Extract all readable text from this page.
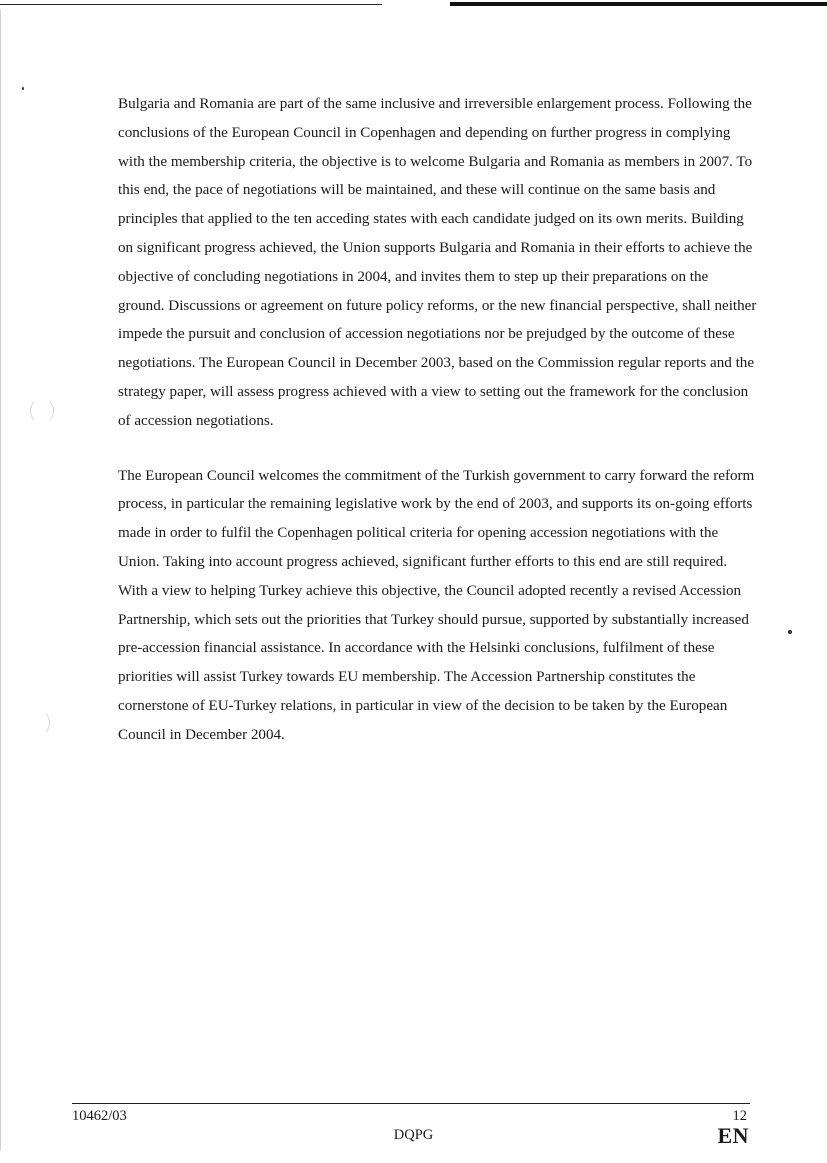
Bulgaria and Romania are part of the same inclusive and irreversible enlargement process. Following the conclusions of the European Council in Copenhagen and depending on further progress in complying with the membership criteria, the objective is to welcome Bulgaria and Romania as members in 2007. To this end, the pace of negotiations will be maintained, and these will continue on the same basis and principles that applied to the ten acceding states with each candidate judged on its own merits. Building on significant progress achieved, the Union supports Bulgaria and Romania in their efforts to achieve the objective of concluding negotiations in 2004, and invites them to step up their preparations on the ground. Discussions or agreement on future policy reforms, or the new financial perspective, shall neither impede the pursuit and conclusion of accession negotiations nor be prejudged by the outcome of these negotiations. The European Council in December 2003, based on the Commission regular reports and the strategy paper, will assess progress achieved with a view to setting out the framework for the conclusion of accession negotiations.

The European Council welcomes the commitment of the Turkish government to carry forward the reform process, in particular the remaining legislative work by the end of 2003, and supports its on-going efforts made in order to fulfil the Copenhagen political criteria for opening accession negotiations with the Union. Taking into account progress achieved, significant further efforts to this end are still required. With a view to helping Turkey achieve this objective, the Council adopted recently a revised Accession Partnership, which sets out the priorities that Turkey should pursue, supported by substantially increased pre-accession financial assistance. In accordance with the Helsinki conclusions, fulfilment of these priorities will assist Turkey towards EU membership. The Accession Partnership constitutes the cornerstone of EU-Turkey relations, in particular in view of the decision to be taken by the European Council in December 2004.

10462/03
DQPG
12
EN
